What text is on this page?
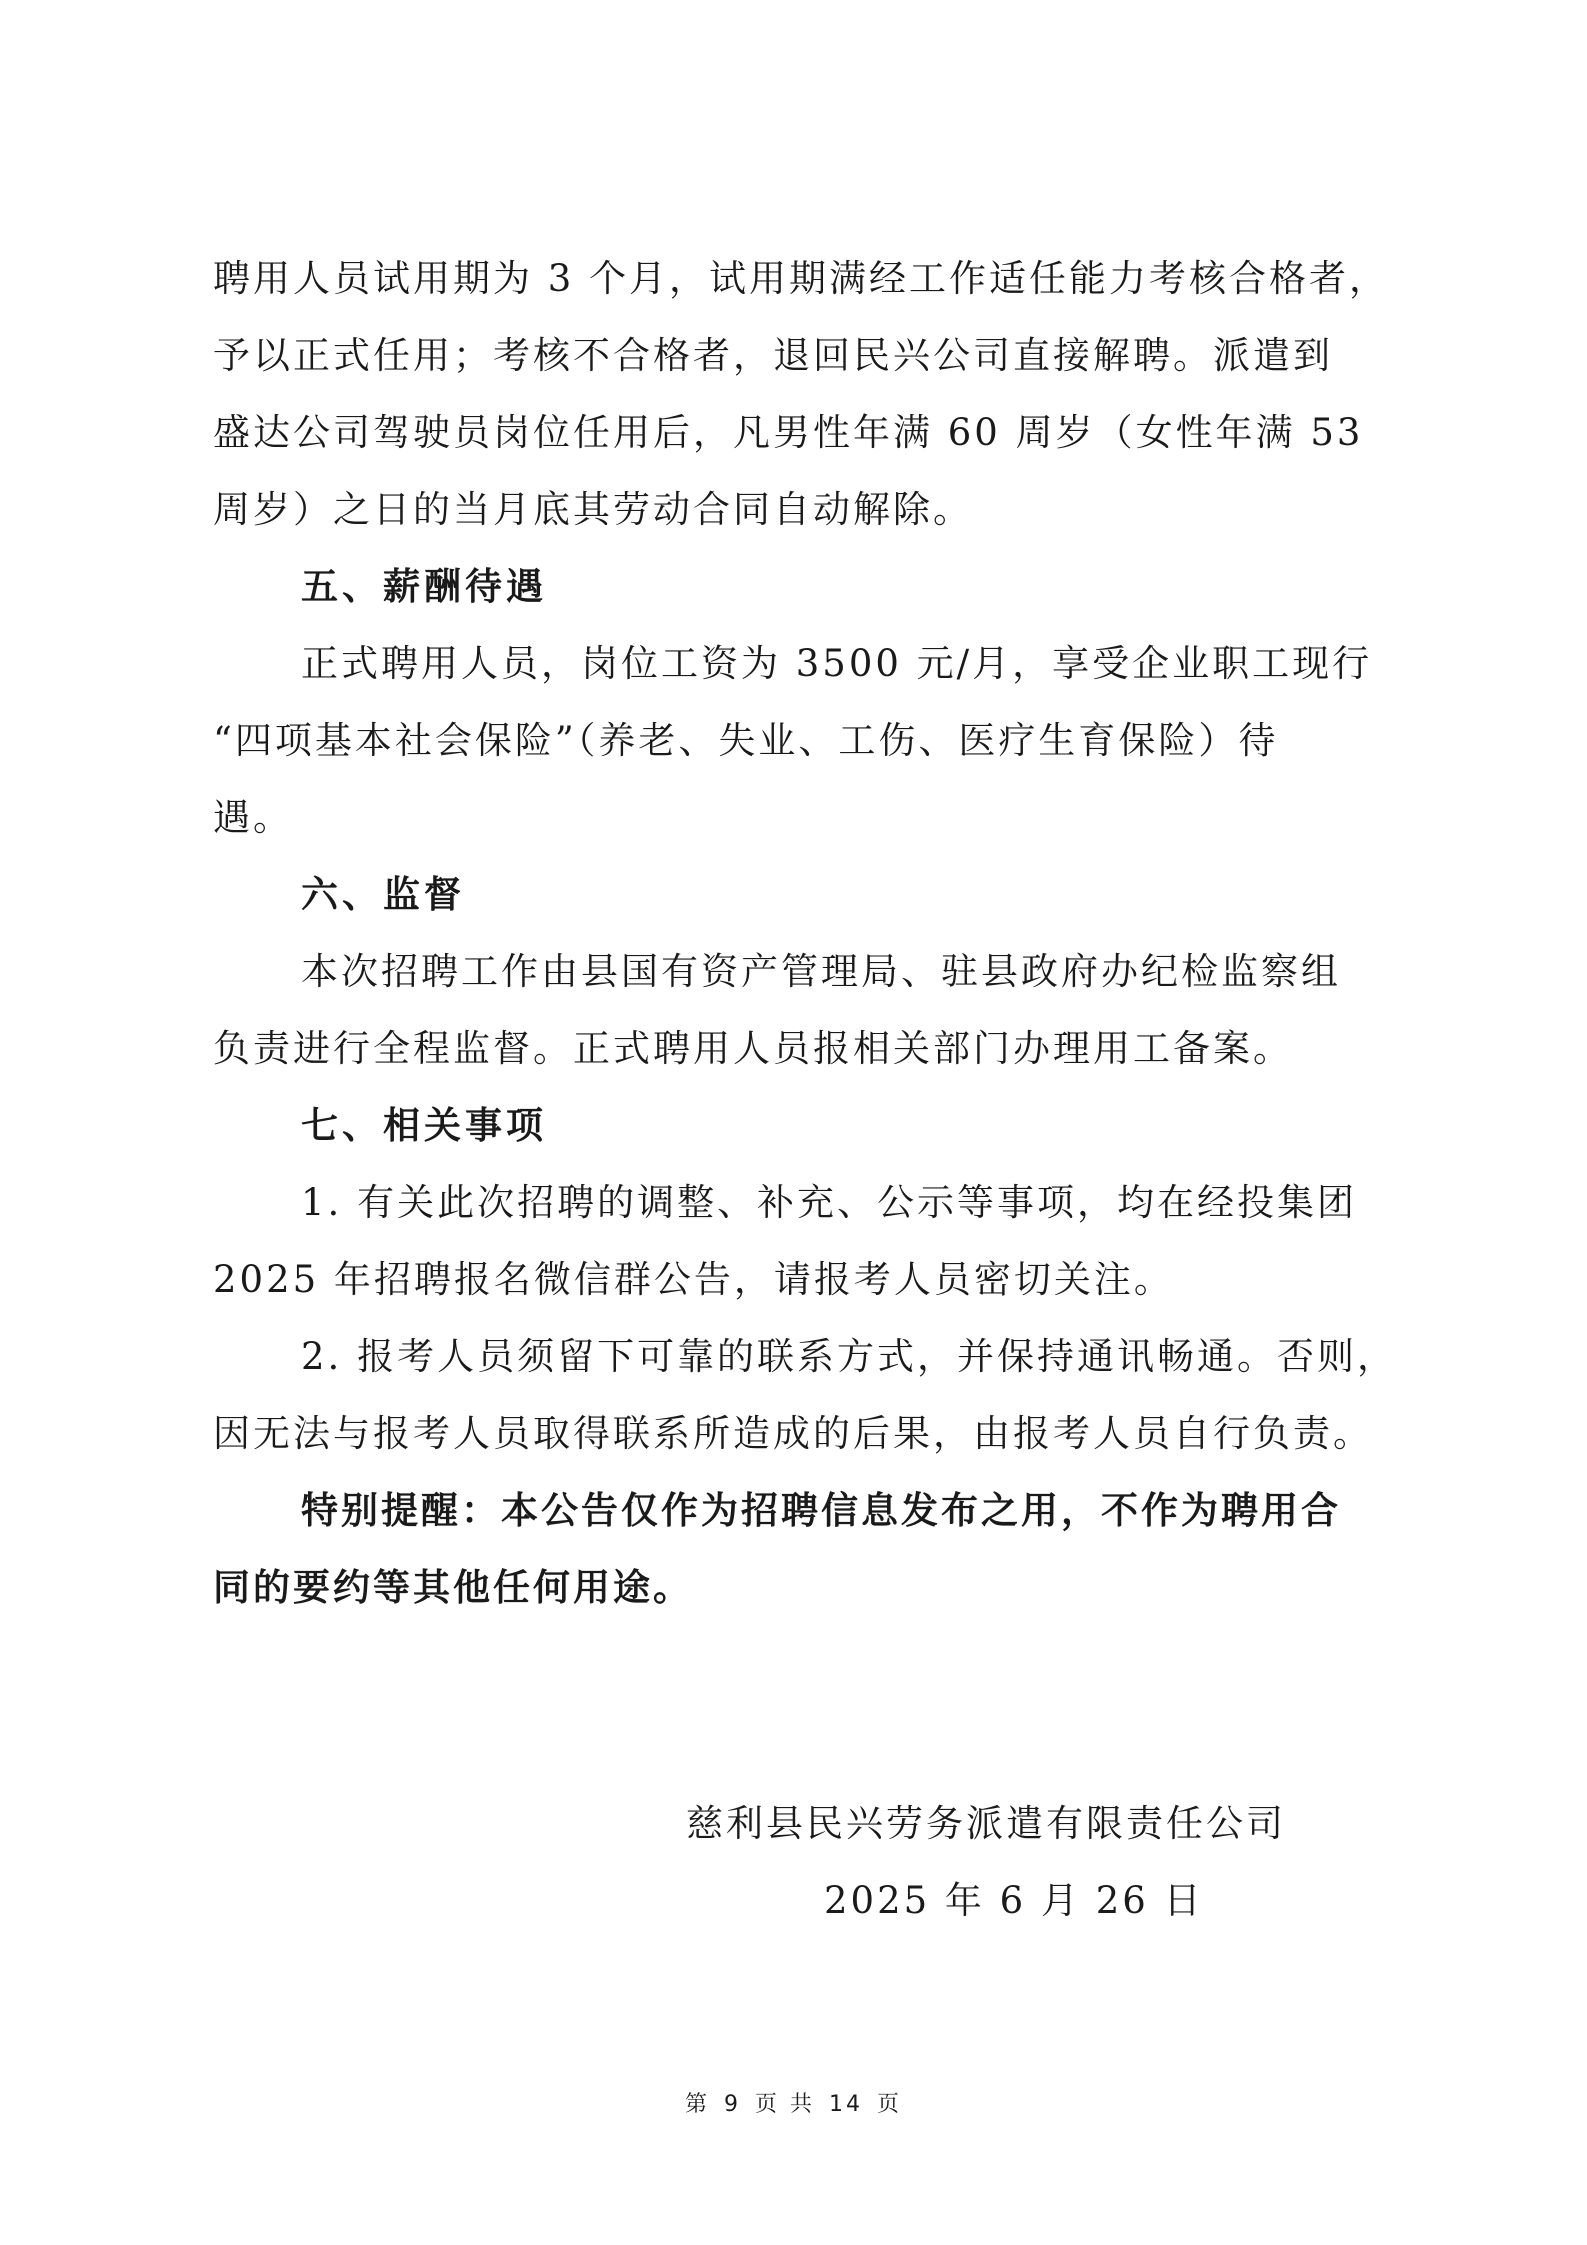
聘用人员试用期为 3 个月，试用期满经工作适任能力考核合格者，
予以正式任用；考核不合格者，退回民兴公司直接解聘。派遣到
盛达公司驾驶员岗位任用后，凡男性年满 60 周岁（女性年满 53
周岁）之日的当月底其劳动合同自动解除。
五、薪酬待遇
正式聘用人员，岗位工资为 3500 元/月，享受企业职工现行
“四项基本社会保险”（养老、失业、工伤、医疗生育保险）待
遇。
六、监督
本次招聘工作由县国有资产管理局、驻县政府办纪检监察组
负责进行全程监督。正式聘用人员报相关部门办理用工备案。
七、相关事项
1. 有关此次招聘的调整、补充、公示等事项，均在经投集团
2025 年招聘报名微信群公告，请报考人员密切关注。
2. 报考人员须留下可靠的联系方式，并保持通讯畅通。否则，
因无法与报考人员取得联系所造成的后果，由报考人员自行负责。
特别提醒：本公告仅作为招聘信息发布之用，不作为聘用合
同的要约等其他任何用途。
慈利县民兴劳务派遣有限责任公司
2025 年 6 月 26 日
第 9 页 共 14 页
